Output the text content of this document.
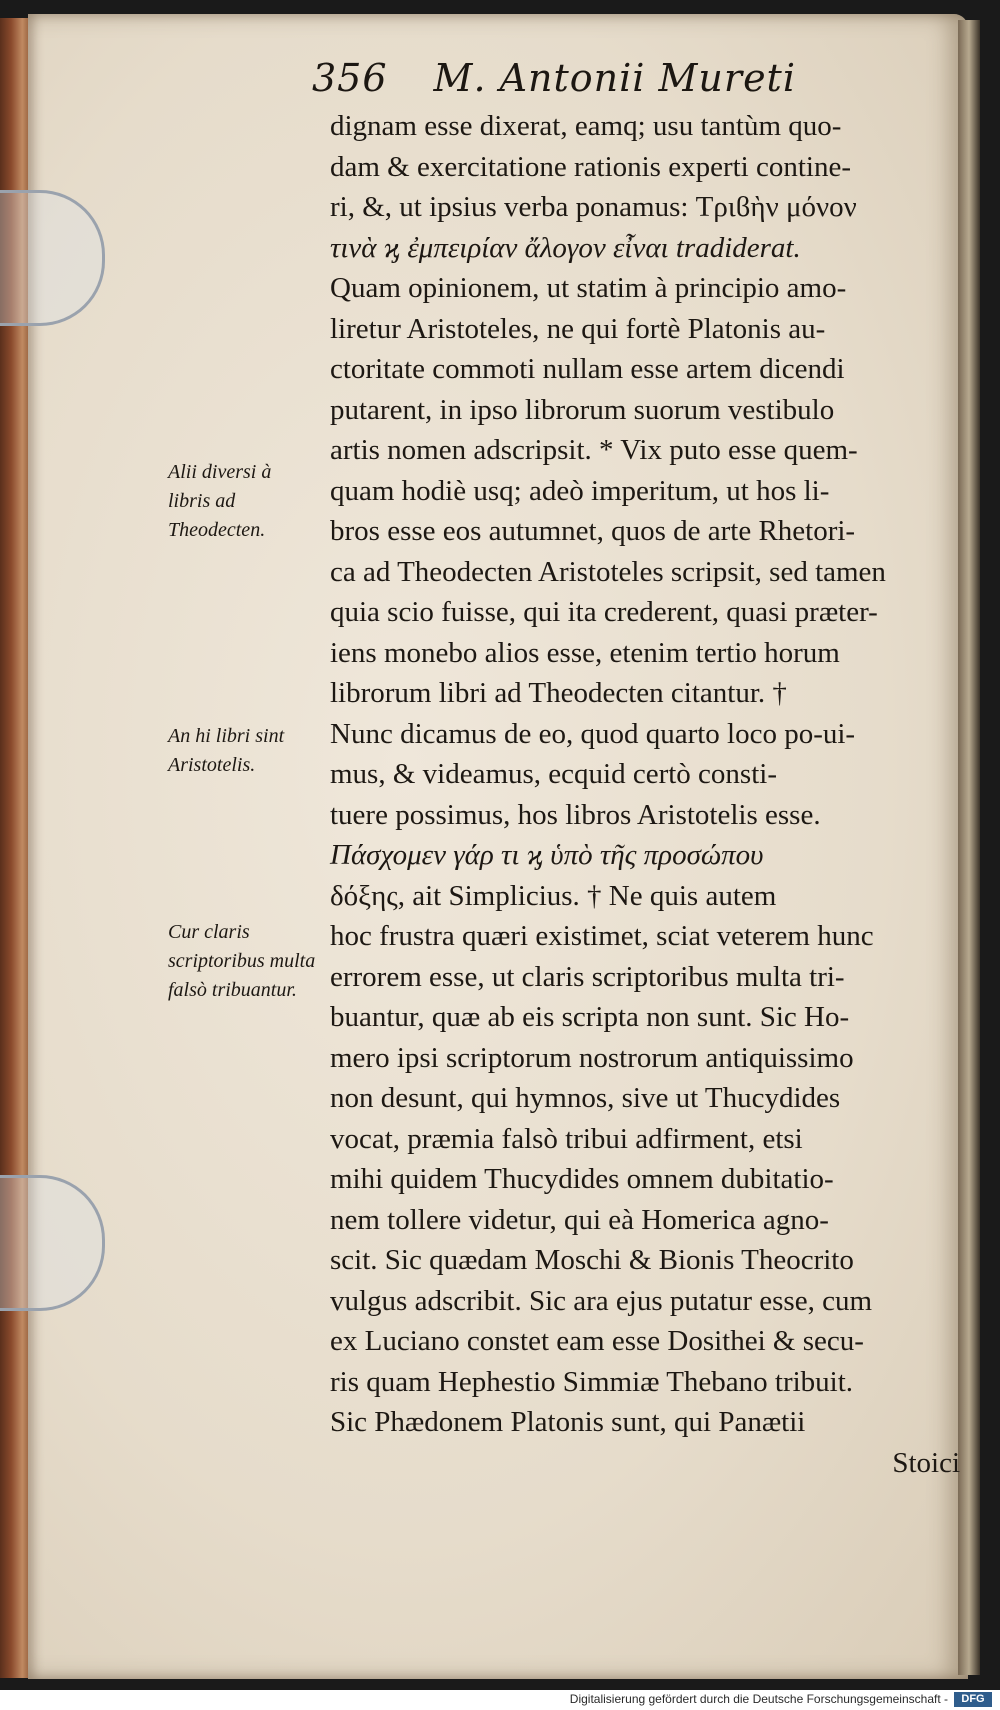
356 M. Antonii Mureti
dignam esse dixerat, eamq; usu tantùm quo-
dam & exercitatione rationis experti contine-
ri, &, ut ipsius verba ponamus: Τριϐὴν μόνον
τινὰ ϗ ἐμπειρίαν ἄλογον εἶναι tradiderat.
Quam opinionem, ut statim à principio amo-
liretur Aristoteles, ne qui fortè Platonis au-
ctoritate commoti nullam esse artem dicendi
putarent, in ipso librorum suorum vestibulo
artis nomen adscripsit. * Vix puto esse quem-
quam hodiè usq; adeò imperitum, ut hos li-
bros esse eos autumnet, quos de arte Rhetori-
ca ad Theodecten Aristoteles scripsit, sed tamen
quia scio fuisse, qui ita crederent, quasi præter-
iens monebo alios esse, etenim tertio horum
librorum libri ad Theodecten citantur. †
Nunc dicamus de eo, quod quarto loco po-ui-
mus, & videamus, ecquid certò consti-
tuere possimus, hos libros Aristotelis esse.
Πάσχομεν γάρ τι ϗ ὑπὸ τῆς προσώπου
δόξης, ait Simplicius. † Ne quis autem
hoc frustra quæri existimet, sciat veterem hunc
errorem esse, ut claris scriptoribus multa tri-
buantur, quæ ab eis scripta non sunt. Sic Ho-
mero ipsi scriptorum nostrorum antiquissimo
non desunt, qui hymnos, sive ut Thucydides
vocat, præmia falsò tribui adfirment, etsi
mihi quidem Thucydides omnem dubitatio-
nem tollere videtur, qui eà Homerica agno-
scit. Sic quædam Moschi & Bionis Theocrito
vulgus adscribit. Sic ara ejus putatur esse, cum
ex Luciano constet eam esse Dosithei & secu-
ris quam Hephestio Simmiæ Thebano tribuit.
Sic Phædonem Platonis sunt, qui Panætii
Stoici
Alii diversi à libris ad Theodecten.
An hi libri sint Aristotelis.
Cur claris scriptoribus multa falsò tribuantur.
Digitalisierung gefördert durch die Deutsche Forschungsgemeinschaft -	DFG
